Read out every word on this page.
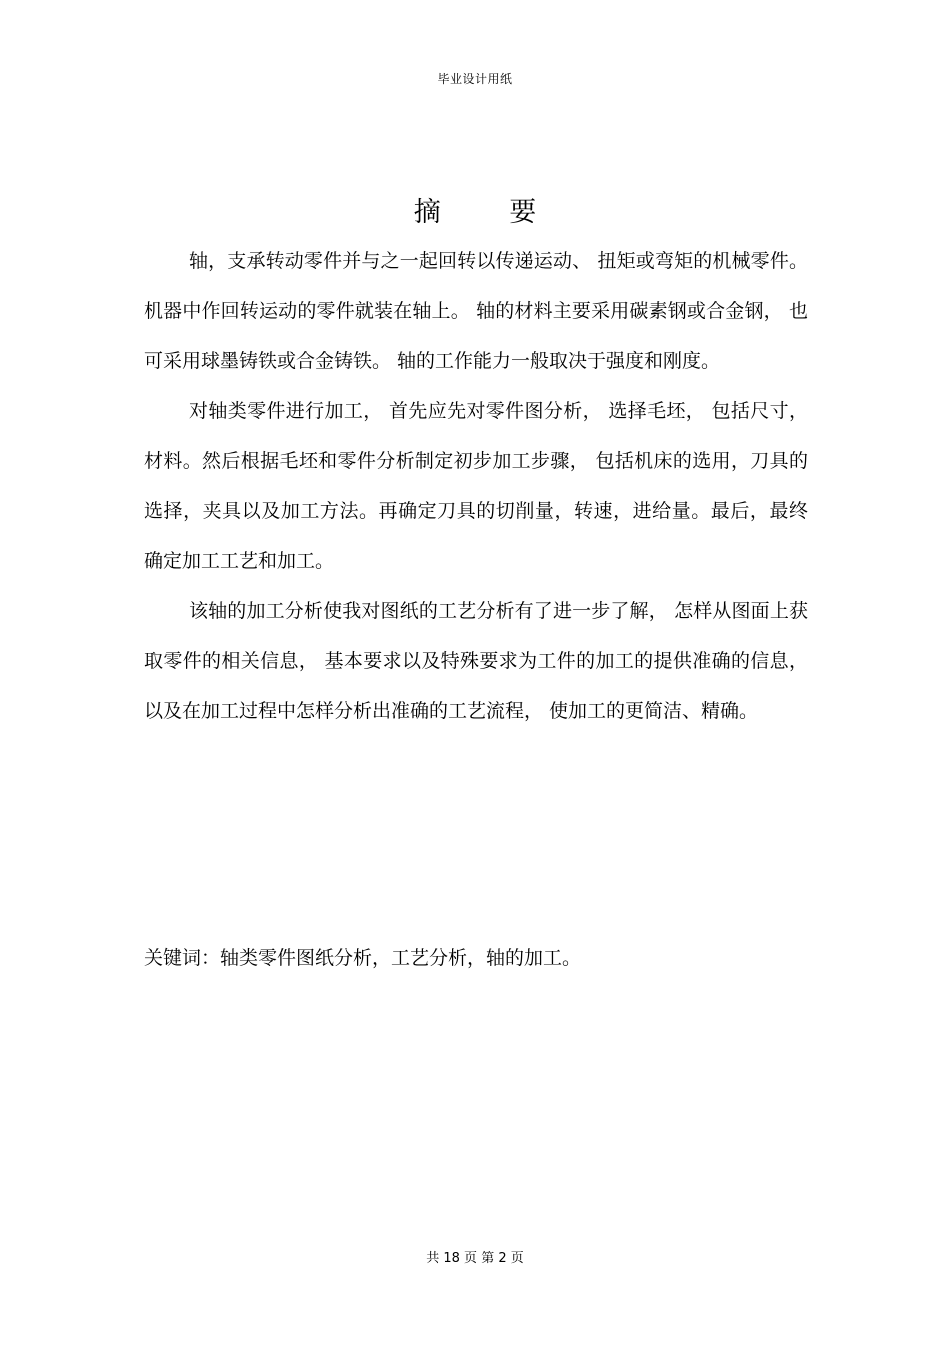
毕业设计用纸
摘 要

轴，支承转动零件并与之一起回转以传递运动、 扭矩或弯矩的机械零件。机器中作回转运动的零件就装在轴上。 轴的材料主要采用碳素钢或合金钢， 也可采用球墨铸铁或合金铸铁。 轴的工作能力一般取决于强度和刚度。

对轴类零件进行加工， 首先应先对零件图分析， 选择毛坯， 包括尺寸， 材料。然后根据毛坯和零件分析制定初步加工步骤， 包括机床的选用，刀具的选择，夹具以及加工方法。再确定刀具的切削量，转速，进给量。最后，最终确定加工工艺和加工。

该轴的加工分析使我对图纸的工艺分析有了进一步了解， 怎样从图面上获取零件的相关信息， 基本要求以及特殊要求为工件的加工的提供准确的信息， 以及在加工过程中怎样分析出准确的工艺流程， 使加工的更简洁、精确。

关键词：轴类零件图纸分析，工艺分析，轴的加工。
共 18 页 第 2 页
